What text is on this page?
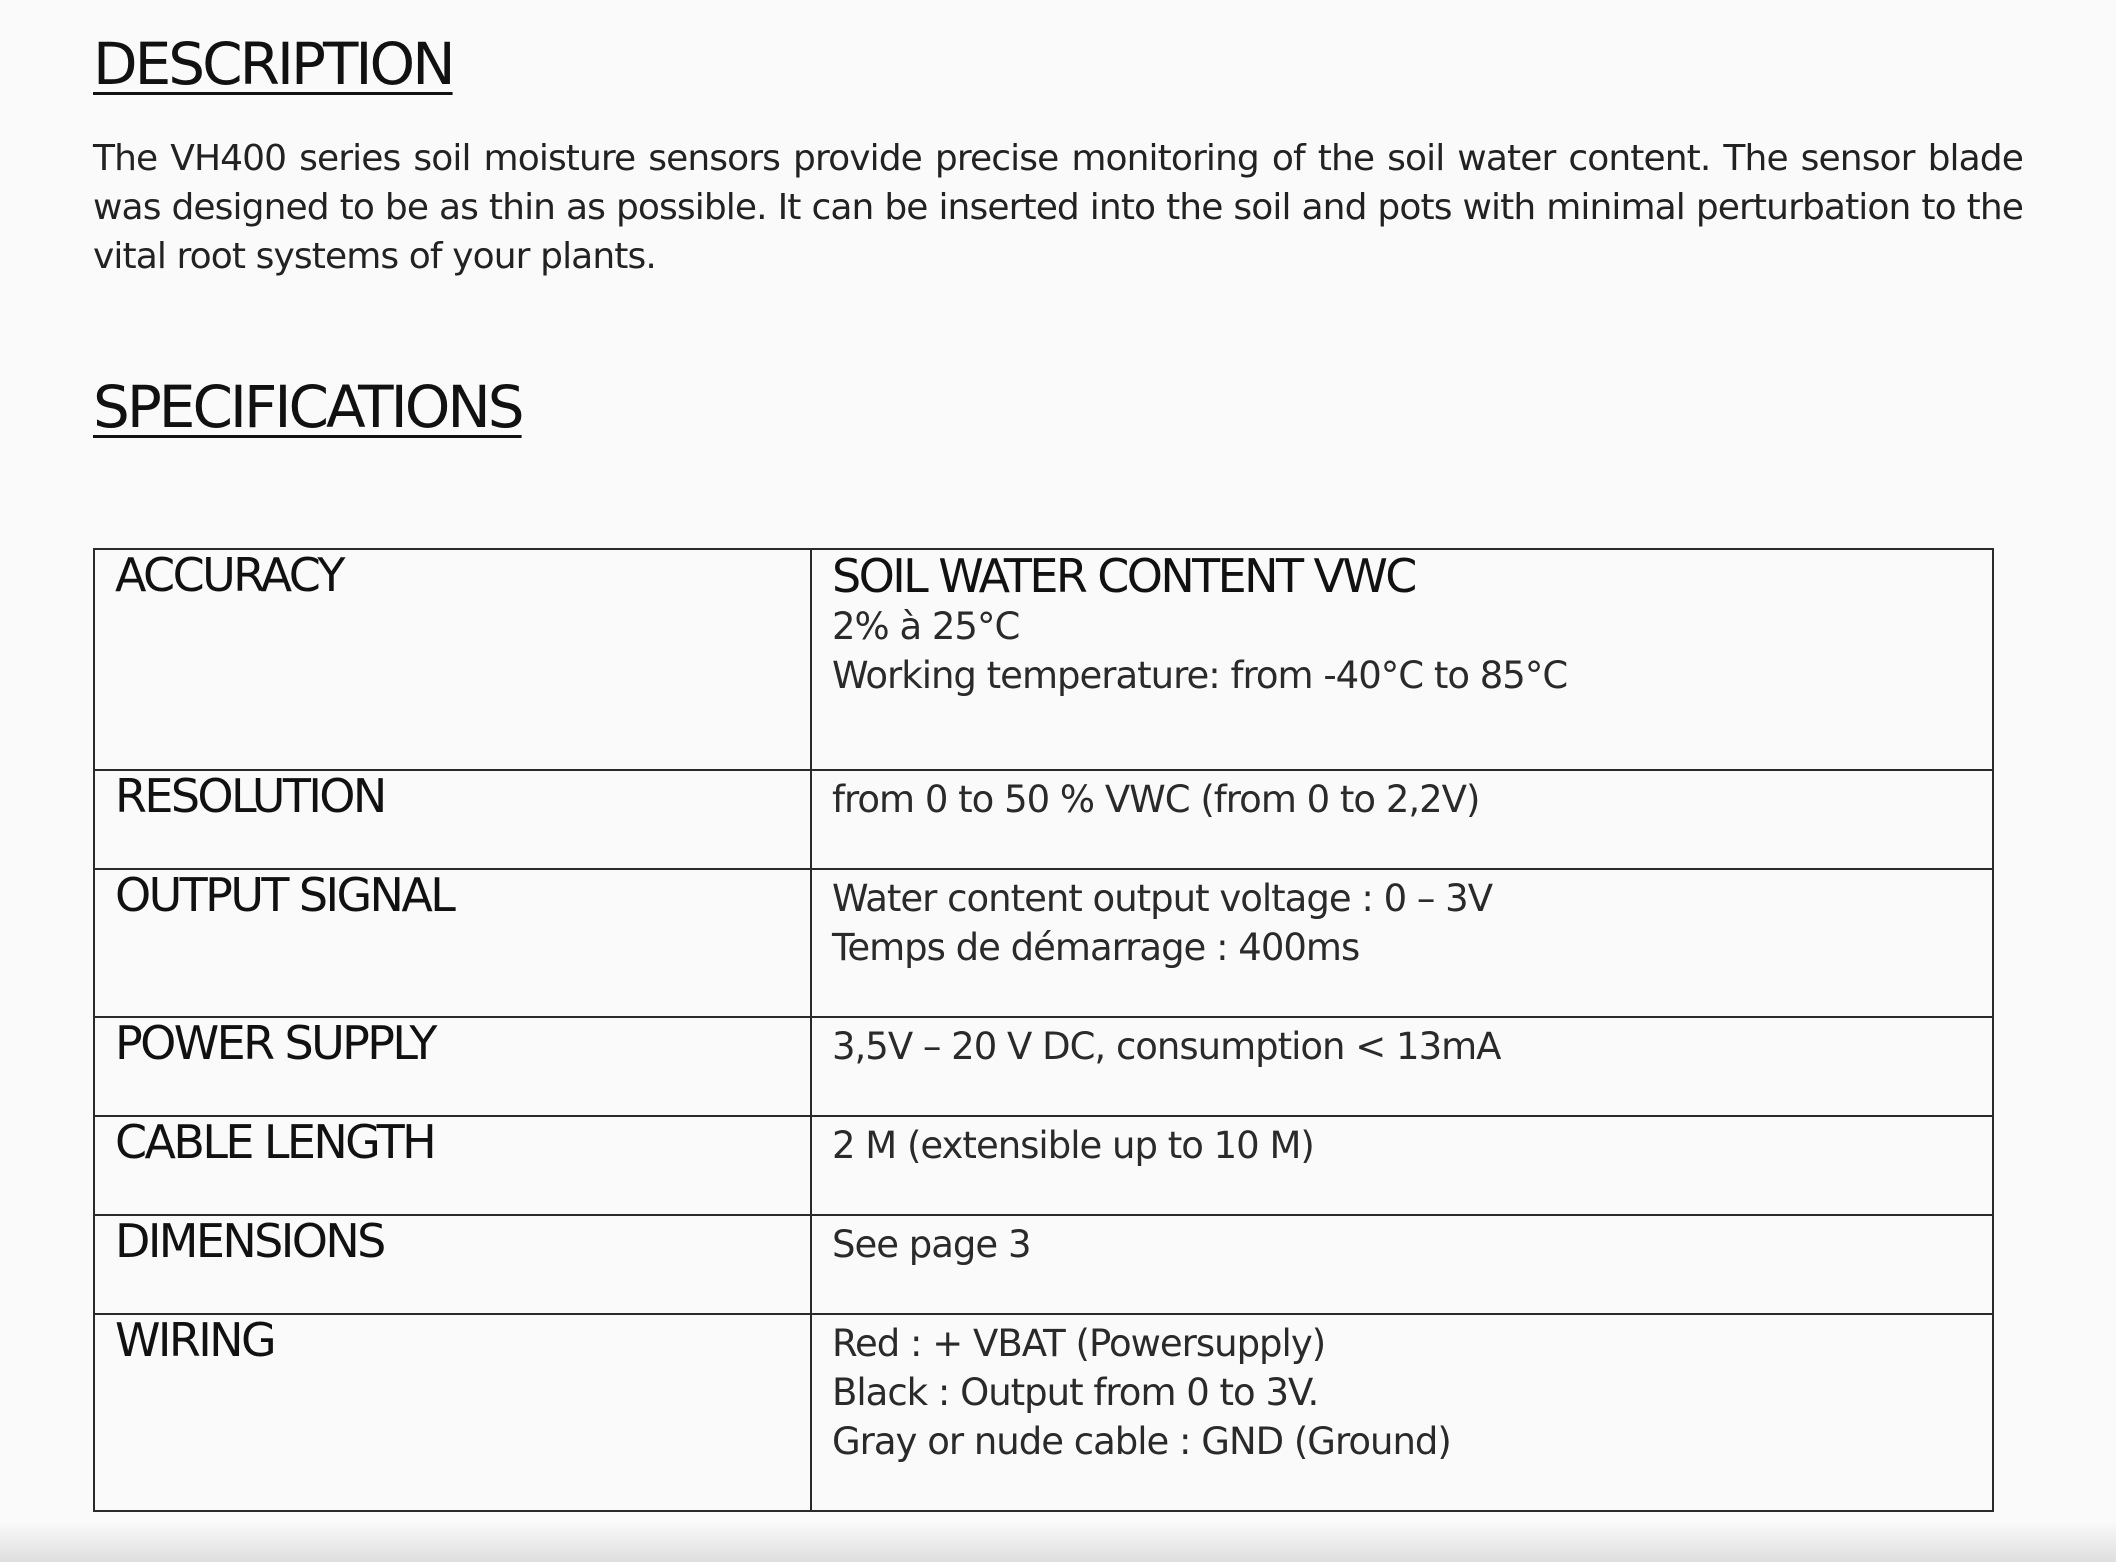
DESCRIPTION

The VH400 series soil moisture sensors provide precise monitoring of the soil water content. The sensor blade was designed to be as thin as possible. It can be inserted into the soil and pots with minimal perturbation to the vital root systems of your plants.

SPECIFICATIONS
ACCURACY	SOIL WATER CONTENT VWC
2% à 25°C
Working temperature: from -40°C to 85°C

RESOLUTION	from 0 to 50 % VWC (from 0 to 2,2V)

OUTPUT SIGNAL	Water content output voltage : 0 – 3V
Temps de démarrage : 400ms

POWER SUPPLY	3,5V – 20 V DC, consumption < 13mA

CABLE LENGTH	2 M (extensible up to 10 M)

DIMENSIONS	See page 3

WIRING	Red : + VBAT (Powersupply)
Black : Output from 0 to 3V.
Gray or nude cable : GND (Ground)
